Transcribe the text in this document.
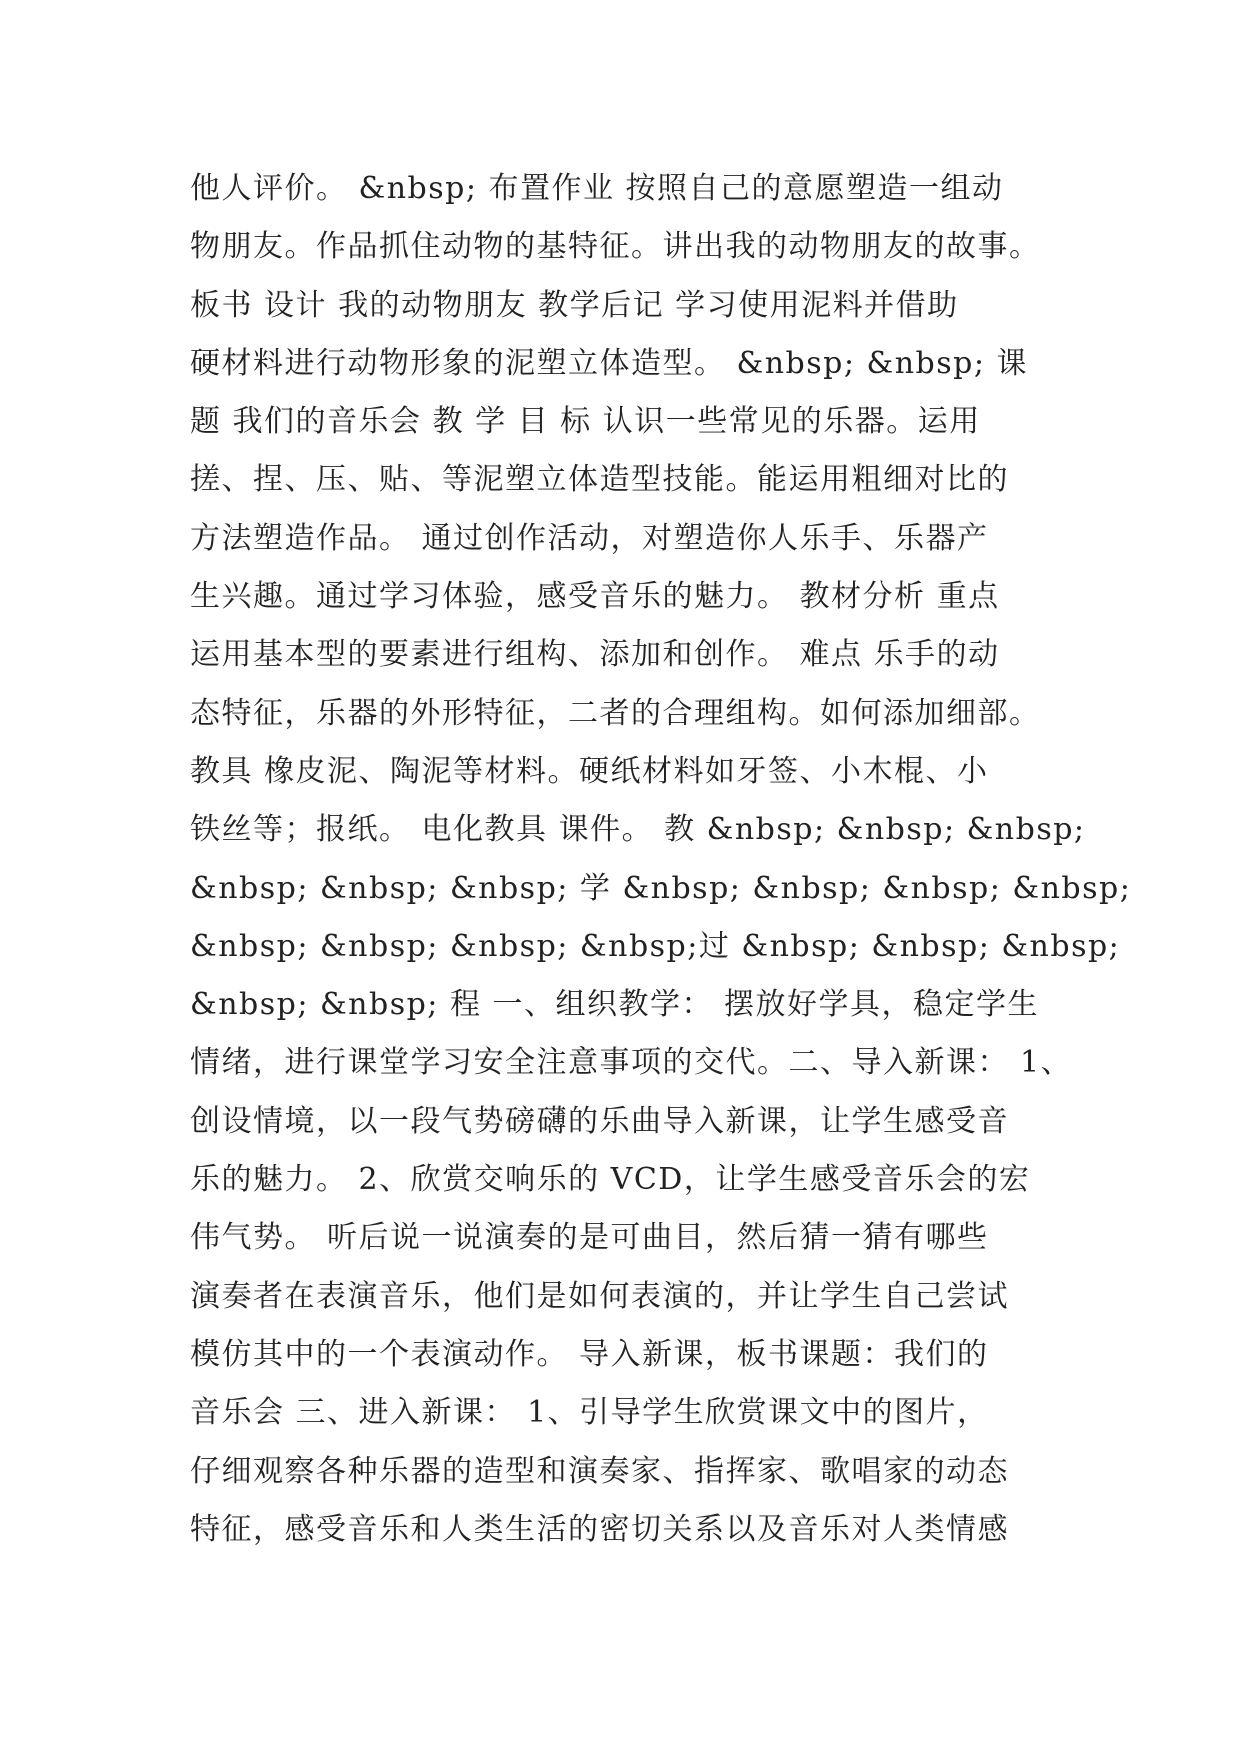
他人评价。 &nbsp; 布置作业 按照自己的意愿塑造一组动
物朋友。作品抓住动物的基特征。讲出我的动物朋友的故事。
板书 设计 我的动物朋友 教学后记 学习使用泥料并借助
硬材料进行动物形象的泥塑立体造型。 &nbsp; &nbsp; 课
题 我们的音乐会 教 学 目 标 认识一些常见的乐器。运用
搓、捏、压、贴、等泥塑立体造型技能。能运用粗细对比的
方法塑造作品。 通过创作活动，对塑造你人乐手、乐器产
生兴趣。通过学习体验，感受音乐的魅力。 教材分析 重点
运用基本型的要素进行组构、添加和创作。 难点 乐手的动
态特征，乐器的外形特征，二者的合理组构。如何添加细部。
教具 橡皮泥、陶泥等材料。硬纸材料如牙签、小木棍、小
铁丝等；报纸。 电化教具 课件。 教 &nbsp; &nbsp; &nbsp;
&nbsp; &nbsp; &nbsp; 学 &nbsp; &nbsp; &nbsp; &nbsp;
&nbsp; &nbsp; &nbsp; &nbsp;过 &nbsp; &nbsp; &nbsp;
&nbsp; &nbsp; 程 一、组织教学： 摆放好学具，稳定学生
情绪，进行课堂学习安全注意事项的交代。二、导入新课： 1、
创设情境，以一段气势磅礴的乐曲导入新课，让学生感受音
乐的魅力。 2、欣赏交响乐的 VCD，让学生感受音乐会的宏
伟气势。 听后说一说演奏的是可曲目，然后猜一猜有哪些
演奏者在表演音乐，他们是如何表演的，并让学生自己尝试
模仿其中的一个表演动作。 导入新课，板书课题：我们的
音乐会 三、进入新课： 1、引导学生欣赏课文中的图片，
仔细观察各种乐器的造型和演奏家、指挥家、歌唱家的动态
特征，感受音乐和人类生活的密切关系以及音乐对人类情感
